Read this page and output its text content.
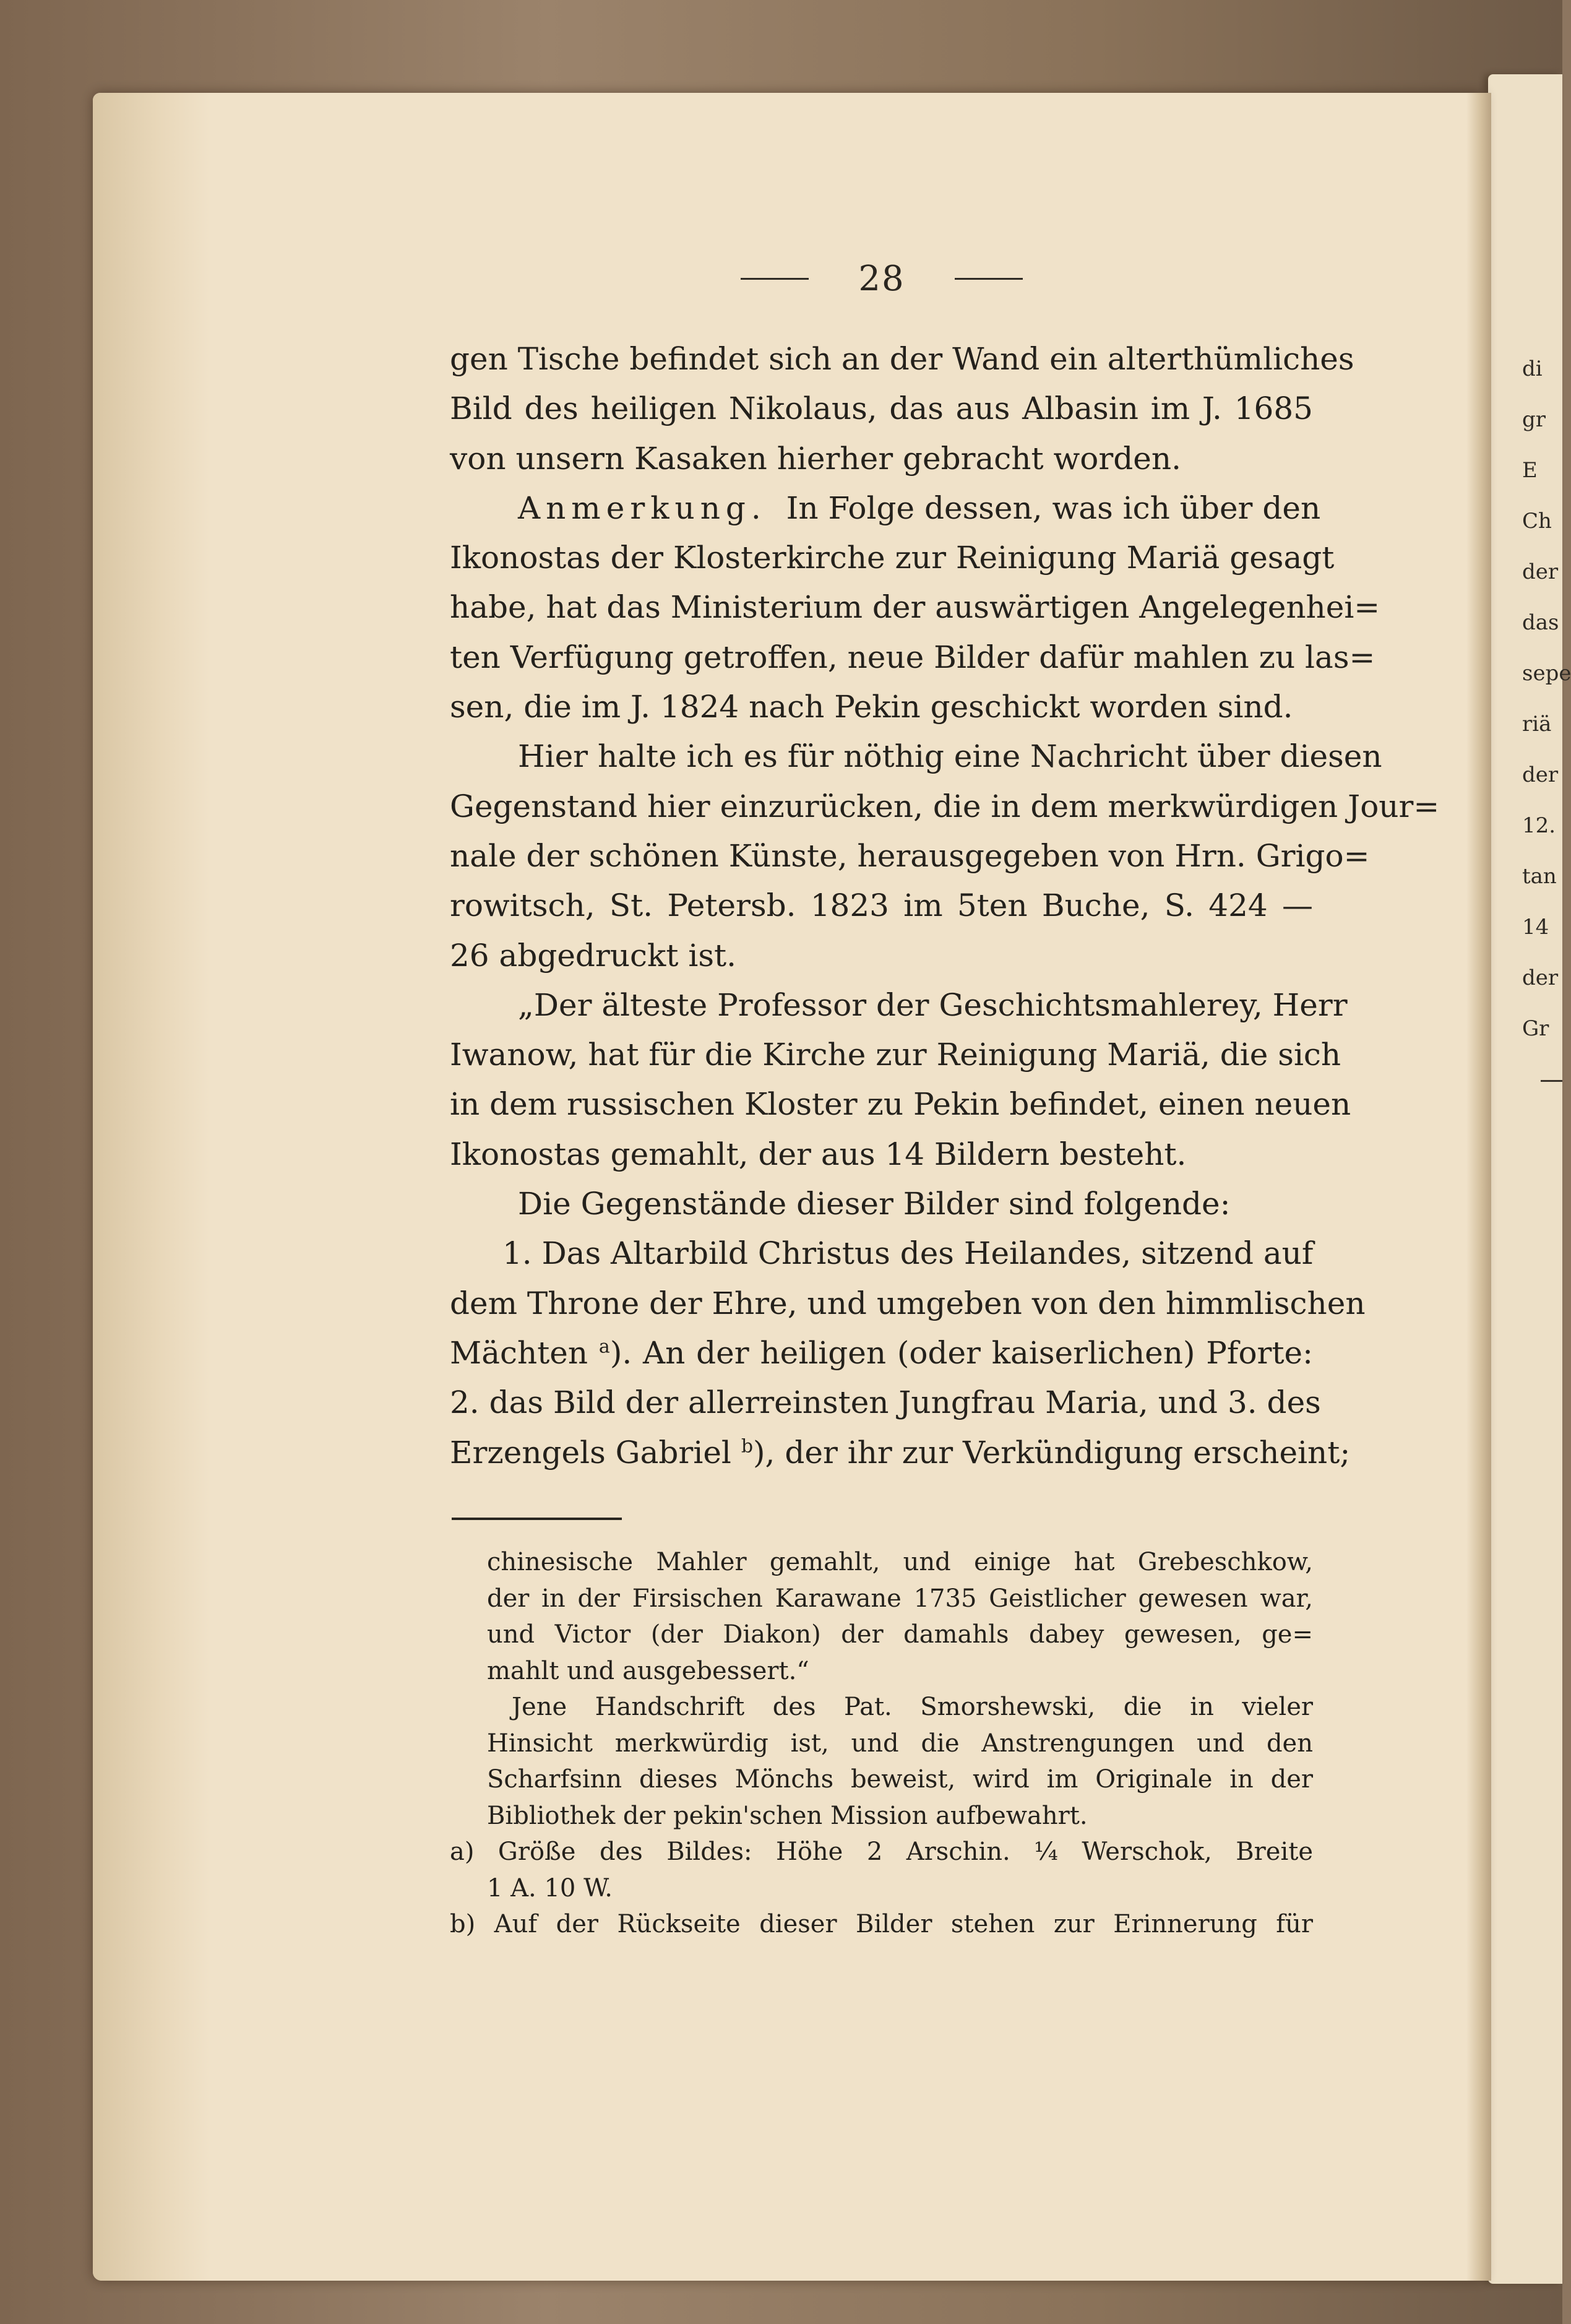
di
gr
E
Ch
der
das
sepe
riä
der
12.
tan
14
der
Gr
28
gen Tische befindet sich an der Wand ein alterthümliches
Bild des heiligen Nikolaus, das aus Albasin im J. 1685
von unsern Kasaken hierher gebracht worden.
Anmerkung. In Folge dessen, was ich über den
Ikonostas der Klosterkirche zur Reinigung Mariä gesagt
habe, hat das Ministerium der auswärtigen Angelegenhei=
ten Verfügung getroffen, neue Bilder dafür mahlen zu las=
sen, die im J. 1824 nach Pekin geschickt worden sind.
Hier halte ich es für nöthig eine Nachricht über diesen
Gegenstand hier einzurücken, die in dem merkwürdigen Jour=
nale der schönen Künste, herausgegeben von Hrn. Grigo=
rowitsch, St. Petersb. 1823 im 5ten Buche, S. 424 —
26 abgedruckt ist.
„Der älteste Professor der Geschichtsmahlerey, Herr
Iwanow, hat für die Kirche zur Reinigung Mariä, die sich
in dem russischen Kloster zu Pekin befindet, einen neuen
Ikonostas gemahlt, der aus 14 Bildern besteht.
Die Gegenstände dieser Bilder sind folgende:
1. Das Altarbild Christus des Heilandes, sitzend auf
dem Throne der Ehre, und umgeben von den himmlischen
Mächten $^a$). An der heiligen (oder kaiserlichen) Pforte:
2. das Bild der allerreinsten Jungfrau Maria, und 3. des
Erzengels Gabriel $^b$), der ihr zur Verkündigung erscheint;
chinesische Mahler gemahlt, und einige hat Grebeschkow,
der in der Firsischen Karawane 1735 Geistlicher gewesen war,
und Victor (der Diakon) der damahls dabey gewesen, ge=
mahlt und ausgebessert.“
Jene Handschrift des Pat. Smorshewski, die in vieler
Hinsicht merkwürdig ist, und die Anstrengungen und den
Scharfsinn dieses Mönchs beweist, wird im Originale in der
Bibliothek der pekin'schen Mission aufbewahrt.
a) Größe des Bildes: Höhe 2 Arschin. ¼ Werschok, Breite
1 A. 10 W.
b) Auf der Rückseite dieser Bilder stehen zur Erinnerung für
